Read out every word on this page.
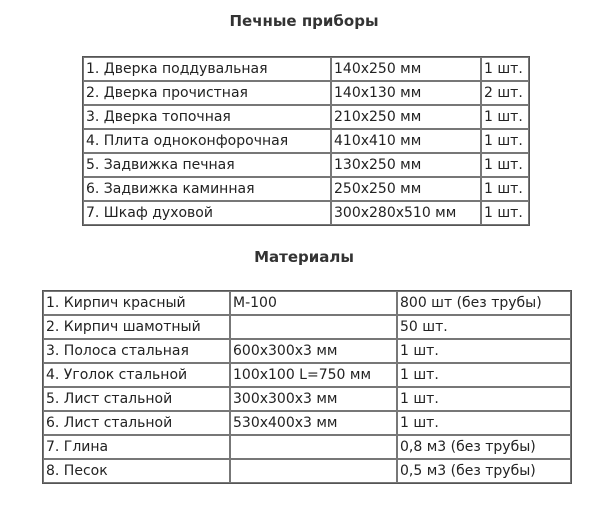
Печные приборы
1. Дверка поддувальная	140х250 мм	1 шт.
2. Дверка прочистная	140х130 мм	2 шт.
3. Дверка топочная	210х250 мм	1 шт.
4. Плита одноконфорочная	410х410 мм	1 шт.
5. Задвижка печная	130х250 мм	1 шт.
6. Задвижка каминная	250х250 мм	1 шт.
7. Шкаф духовой	300х280х510 мм	1 шт.
Материалы
1. Кирпич красный	М-100	800 шт (без трубы)
2. Кирпич шамотный		50 шт.
3. Полоса стальная	600х300х3 мм	1 шт.
4. Уголок стальной	100х100 L=750 мм	1 шт.
5. Лист стальной	300х300х3 мм	1 шт.
6. Лист стальной	530х400х3 мм	1 шт.
7. Глина		0,8 м3 (без трубы)
8. Песок		0,5 м3 (без трубы)
